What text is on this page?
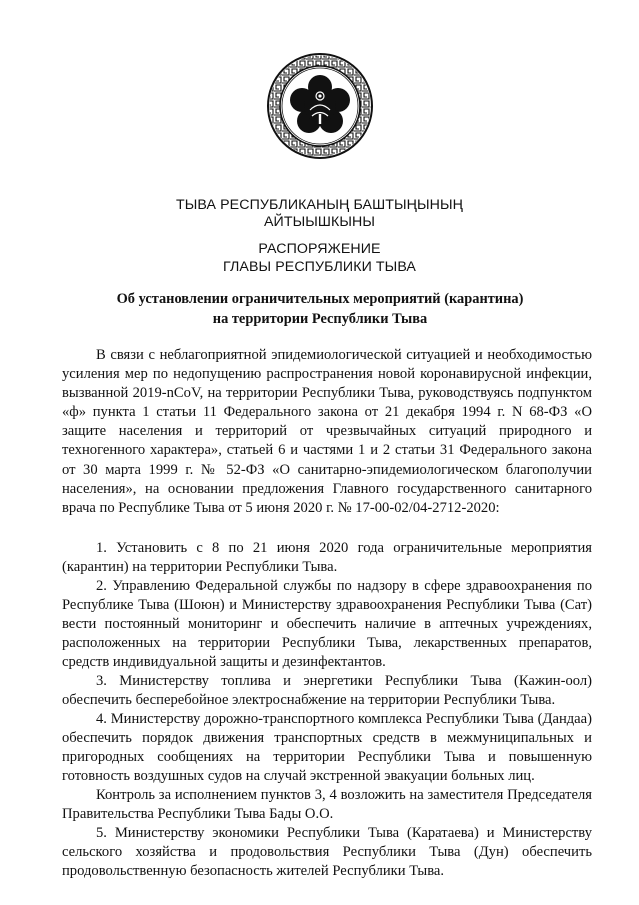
ТЫВА РЕСПУБЛИКАНЫҢ БАШТЫҢЫНЫҢ
АЙТЫЫШКЫНЫ
РАСПОРЯЖЕНИЕ
ГЛАВЫ РЕСПУБЛИКИ ТЫВА
Об установлении ограничительных мероприятий (карантина)
на территории Республики Тыва

В связи с неблагоприятной эпидемиологической ситуацией и необходимостью усиления мер по недопущению распространения новой коронавирусной инфекции, вызванной 2019-nCoV, на территории Республики Тыва, руководствуясь подпунктом «ф» пункта 1 статьи 11 Федерального закона от 21 декабря 1994 г. N 68-ФЗ «О защите населения и территорий от чрезвычайных ситуаций природного и техногенного характера», статьей 6 и частями 1 и 2 статьи 31 Федерального закона от 30 марта 1999 г. № 52-ФЗ «О санитарно-эпидемиологическом благополучии населения», на основании предложения Главного государственного санитарного врача по Республике Тыва от 5 июня 2020 г. № 17-00-02/04-2712-2020:

1. Установить с 8 по 21 июня 2020 года ограничительные мероприятия (карантин) на территории Республики Тыва.

2. Управлению Федеральной службы по надзору в сфере здравоохранения по Республике Тыва (Шоюн) и Министерству здравоохранения Республики Тыва (Сат) вести постоянный мониторинг и обеспечить наличие в аптечных учреждениях, расположенных на территории Республики Тыва, лекарственных препаратов, средств индивидуальной защиты и дезинфектантов.

3. Министерству топлива и энергетики Республики Тыва (Кажин-оол) обеспечить бесперебойное электроснабжение на территории Республики Тыва.

4. Министерству дорожно-транспортного комплекса Республики Тыва (Дандаа) обеспечить порядок движения транспортных средств в межмуниципальных и пригородных сообщениях на территории Республики Тыва и повышенную готовность воздушных судов на случай экстренной эвакуации больных лиц.

Контроль за исполнением пунктов 3, 4 возложить на заместителя Председателя Правительства Республики Тыва Бады О.О.

5. Министерству экономики Республики Тыва (Каратаева) и Министерству сельского хозяйства и продовольствия Республики Тыва (Дун) обеспечить продовольственную безопасность жителей Республики Тыва.
